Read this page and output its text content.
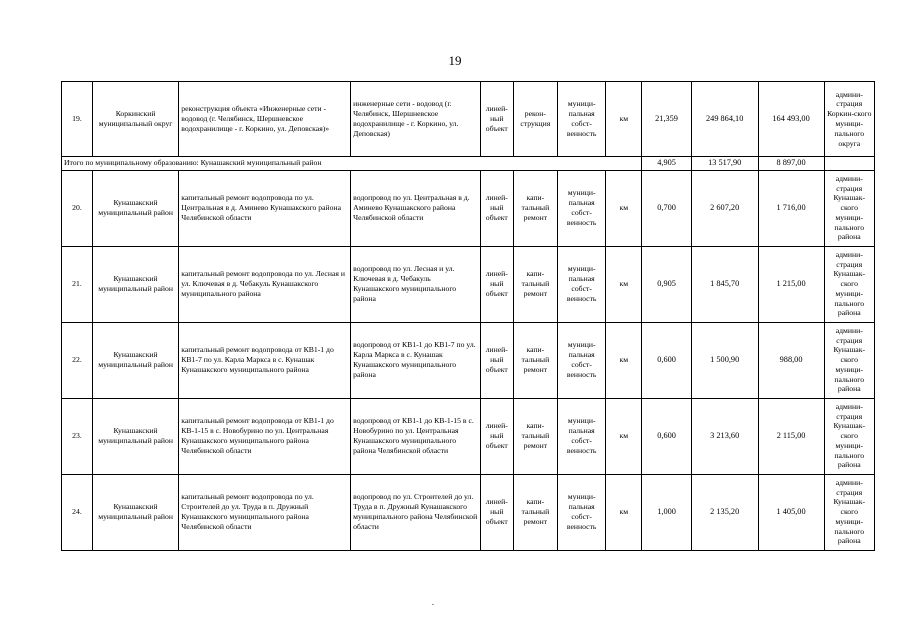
19
19.	Коркинский муниципальный округ	реконструкция объекта «Инженерные сети - водовод (г. Челябинск, Шершневское водохранилище - г. Коркино, ул. Деповская)»	инженерные сети - водовод (г. Челябинск, Шершневское водохранилище - г. Коркино, ул. Деповская)	линей-ный объект	рекон-струкция	муници-пальная собст-венность	км	21,359	249 864,10	164 493,00	админи-страция Коркин-ского муници-пального округа
Итого по муниципальному образованию: Кунашакский муниципальный район								4,905	13 517,90	8 897,00	
20.	Кунашакский муниципальный район	капитальный ремонт водопровода по ул. Центральная в д. Аминево Кунашакского района Челябинской области	водопровод по ул. Центральная в д. Аминево Кунашакского района Челябинской области	линей-ный объект	капи-тальный ремонт	муници-пальная собст-венность	км	0,700	2 607,20	1 716,00	админи-страция Кунашак-ского муници-пального района
21.	Кунашакский муниципальный район	капитальный ремонт водопровода по ул. Лесная и ул. Ключевая в д. Чебакуль Кунашакского муниципального района	водопровод по ул. Лесная и ул. Ключевая в д. Чебакуль Кунашакского муниципального района	линей-ный объект	капи-тальный ремонт	муници-пальная собст-венность	км	0,905	1 845,70	1 215,00	админи-страция Кунашак-ского муници-пального района
22.	Кунашакский муниципальный район	капитальный ремонт водопровода от КВ1-1 до КВ1-7 по ул. Карла Маркса в с. Кунашак Кунашакского муниципального района	водопровод от КВ1-1 до КВ1-7 по ул. Карла Маркса в с. Кунашак Кунашакского муниципального района	линей-ный объект	капи-тальный ремонт	муници-пальная собст-венность	км	0,600	1 500,90	988,00	админи-страция Кунашак-ского муници-пального района
23.	Кунашакский муниципальный район	капитальный ремонт водопровода от КВ1-1 до КВ-1-15 в с. Новобурино по ул. Центральная Кунашакского муниципального района Челябинской области	водопровод от КВ1-1 до КВ-1-15 в с. Новобурино по ул. Центральная Кунашакского муниципального района Челябинской области	линей-ный объект	капи-тальный ремонт	муници-пальная собст-венность	км	0,600	3 213,60	2 115,00	админи-страция Кунашак-ского муници-пального района
24.	Кунашакский муниципальный район	капитальный ремонт водопровода по ул. Строителей до ул. Труда в п. Дружный Кунашакского муниципального района Челябинской области	водопровод по ул. Строителей до ул. Труда в п. Дружный Кунашакского муниципального района Челябинской области	линей-ный объект	капи-тальный ремонт	муници-пальная собст-венность	км	1,000	2 135,20	1 405,00	админи-страция Кунашак-ского муници-пального района
